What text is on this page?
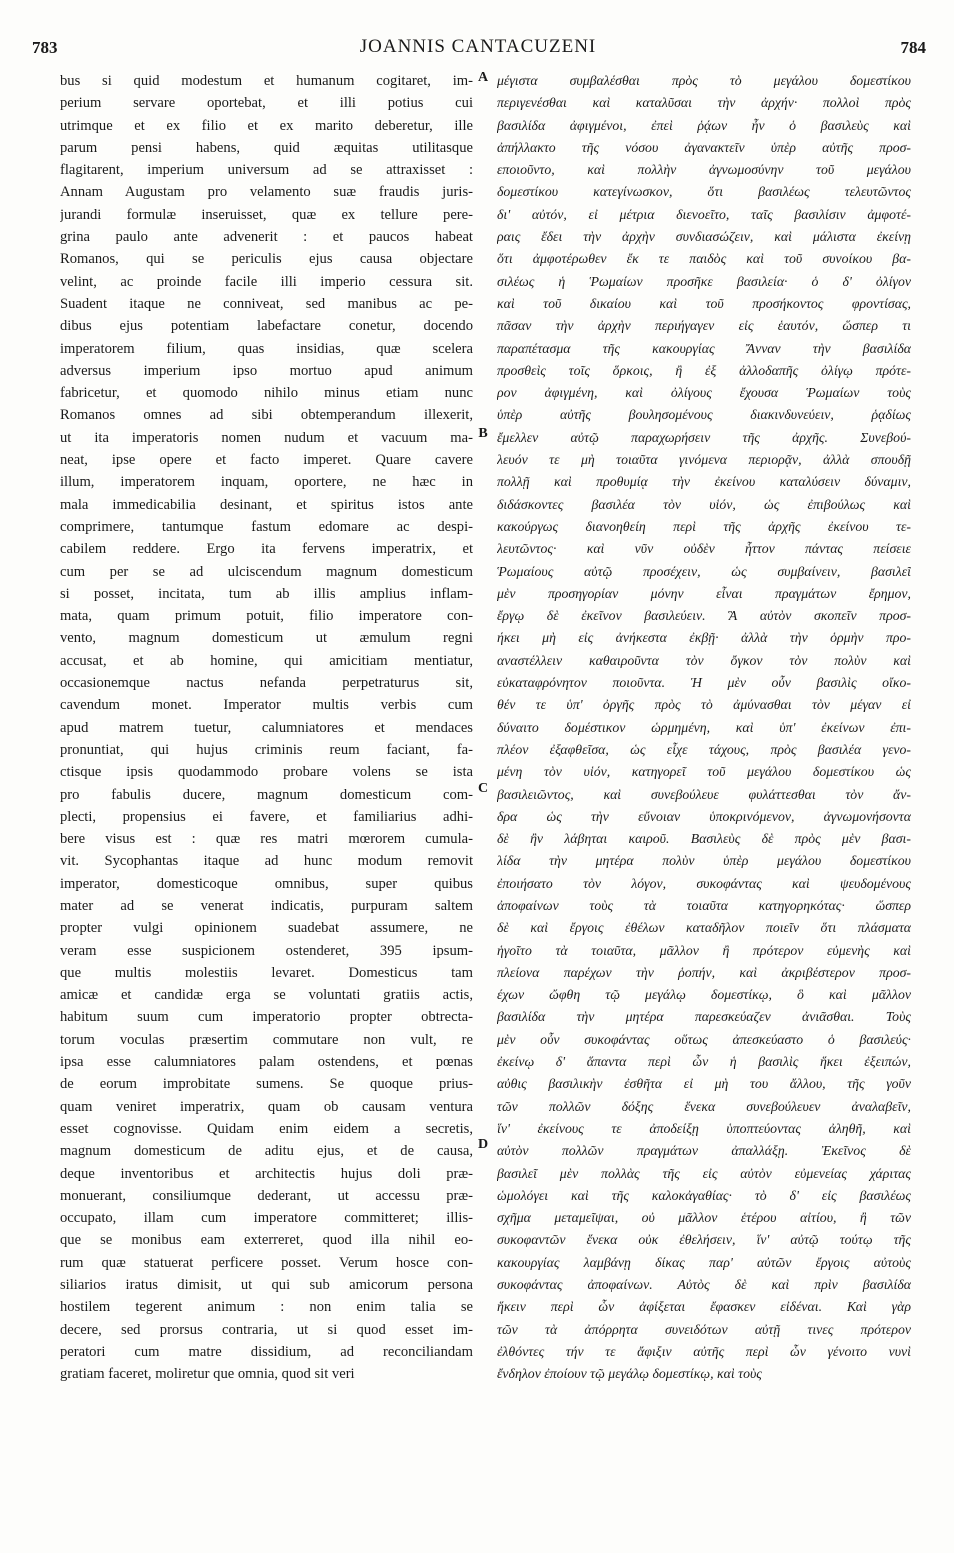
783	JOANNIS CANTACUZENI	784
bus si quid modestum et humanum cogitaret, im-
perium servare oportebat, et illi potius cui
utrimque et ex filio et ex marito deberetur, ille
parum pensi habens, quid æquitas utilitasque
flagitarent, imperium universum ad se attraxisset :
Annam Augustam pro velamento suæ fraudis juris-
jurandi formulæ inseruisset, quæ ex tellure pere-
grina paulo ante advenerit : et paucos habeat
Romanos, qui se periculis ejus causa objectare
velint, ac proinde facile illi imperio cessura sit.
Suadent itaque ne conniveat, sed manibus ac pe-
dibus ejus potentiam labefactare conetur, docendo
imperatorem filium, quas insidias, quæ scelera
adversus imperium ipso mortuo apud animum
fabricetur, et quomodo nihilo minus etiam nunc
Romanos omnes ad sibi obtemperandum illexerit,
ut ita imperatoris nomen nudum et vacuum ma-
neat, ipse opere et facto imperet. Quare cavere
illum, imperatorem inquam, oportere, ne hæc in
mala immedicabilia desinant, et spiritus istos ante
comprimere, tantumque fastum edomare ac despi-
cabilem reddere. Ergo ita fervens imperatrix, et
cum per se ad ulciscendum magnum domesticum
si posset, incitata, tum ab illis amplius inflam-
mata, quam primum potuit, filio imperatore con-
vento, magnum domesticum ut æmulum regni
accusat, et ab homine, qui amicitiam mentiatur,
occasionemque nactus nefanda perpetraturus sit,
cavendum monet. Imperator multis verbis cum
apud matrem tuetur, calumniatores et mendaces
pronuntiat, qui hujus criminis reum faciant, fa-
ctisque ipsis quodammodo probare volens se ista
pro fabulis ducere, magnum domesticum com-
plecti, propensius ei favere, et familiarius adhi-
bere visus est : quæ res matri mœrorem cumula-
vit. Sycophantas itaque ad hunc modum removit
imperator, domesticoque omnibus, super quibus
mater ad se venerat indicatis, purpuram saltem
propter vulgi opinionem suadebat assumere, ne
veram esse suspicionem ostenderet, 395 ipsum-
que multis molestiis levaret. Domesticus tam
amicæ et candidæ erga se voluntati gratiis actis,
habitum suum cum imperatorio propter obtrecta-
torum voculas præsertim commutare non vult, re
ipsa esse calumniatores palam ostendens, et pœnas
de eorum improbitate sumens. Se quoque prius-
quam veniret imperatrix, quam ob causam ventura
esset cognovisse. Quidam enim eidem a secretis,
magnum domesticum de aditu ejus, et de causa,
deque inventoribus et architectis hujus doli præ-
monuerant, consiliumque dederant, ut accessu præ-
occupato, illam cum imperatore committeret; illis-
que se monibus eam exterreret, quod illa nihil eo-
rum quæ statuerat perficere posset. Verum hosce con-
siliarios iratus dimisit, ut qui sub amicorum persona
hostilem tegerent animum : non enim talia se
decere, sed prorsus contraria, ut si quod esset im-
peratori cum matre dissidium, ad reconciliandam
gratiam faceret, moliretur que omnia, quod sit veri
μέγιστα συμβαλέσθαι πρὸς τὸ μεγάλου δομεστίκου
περιγενέσθαι καὶ καταλῦσαι τὴν ἀρχήν· πολλοὶ πρὸς
βασιλίδα ἀφιγμένοι, ἐπεὶ ῥᾴων ἦν ὁ βασιλεὺς καὶ
ἀπήλλακτο τῆς νόσου ἀγανακτεῖν ὑπὲρ αὐτῆς προσ-
εποιοῦντο, καὶ πολλὴν ἀγνωμοσύνην τοῦ μεγάλου
δομεστίκου κατεγίνωσκον, ὅτι βασιλέως τελευτῶντος
δι' αὐτόν, εἰ μέτρια διενοεῖτο, ταῖς βασιλίσιν ἀμφοτέ-
ραις ἔδει τὴν ἀρχὴν συνδιασώζειν, καὶ μάλιστα ἐκείνῃ
ὅτι ἀμφοτέρωθεν ἔκ τε παιδὸς καὶ τοῦ συνοίκου βα-
σιλέως ἡ Ῥωμαίων προσῆκε βασιλεία· ὁ δ' ὀλίγον
καὶ τοῦ δικαίου καὶ τοῦ προσήκοντος φροντίσας,
πᾶσαν τὴν ἀρχὴν περιήγαγεν εἰς ἑαυτόν, ὥσπερ τι
παραπέτασμα τῆς κακουργίας Ἄνναν τὴν βασιλίδα
προσθεὶς τοῖς ὅρκοις, ἢ ἐξ ἀλλοδαπῆς ὀλίγῳ πρότε-
ρον ἀφιγμένη, καὶ ὀλίγους ἔχουσα Ῥωμαίων τοὺς
ὑπὲρ αὐτῆς βουλησομένους διακινδυνεύειν, ῥᾳδίως
ἔμελλεν αὐτῷ παραχωρήσειν τῆς ἀρχῆς. Συνεβού-
λευόν τε μὴ τοιαῦτα γινόμενα περιορᾷν, ἀλλὰ σπουδῇ
πολλῇ καὶ προθυμίᾳ τὴν ἐκείνου καταλύσειν δύναμιν,
διδάσκοντες βασιλέα τὸν υἱόν, ὡς ἐπιβούλως καὶ
κακούργως διανοηθείη περὶ τῆς ἀρχῆς ἐκείνου τε-
λευτῶντος· καὶ νῦν οὐδὲν ἧττον πάντας πείσειε
Ῥωμαίους αὐτῷ προσέχειν, ὡς συμβαίνειν, βασιλεῖ
μὲν προσηγορίαν μόνην εἶναι πραγμάτων ἔρημον,
ἔργῳ δὲ ἐκεῖνον βασιλεύειν. Ἃ αὐτὸν σκοπεῖν προσ-
ήκει μὴ εἰς ἀνήκεστα ἐκβῇ· ἀλλὰ τὴν ὁρμὴν προ-
αναστέλλειν καθαιροῦντα τὸν ὄγκον τὸν πολὺν καὶ
εὐκαταφρόνητον ποιοῦντα. Ἡ μὲν οὖν βασιλὶς οἴκο-
θέν τε ὑπ' ὀργῆς πρὸς τὸ ἀμύνασθαι τὸν μέγαν εἰ
δύναιτο δομέστικον ὡρμημένη, καὶ ὑπ' ἐκείνων ἐπι-
πλέον ἐξαφθεῖσα, ὡς εἶχε τάχους, πρὸς βασιλέα γενο-
μένη τὸν υἱόν, κατηγορεῖ τοῦ μεγάλου δομεστίκου ὡς
βασιλειῶντος, καὶ συνεβούλευε φυλάττεσθαι τὸν ἄν-
δρα ὡς τὴν εὔνοιαν ὑποκρινόμενον, ἀγνωμονήσοντα
δὲ ἢν λάβηται καιροῦ. Βασιλεὺς δὲ πρὸς μὲν βασι-
λίδα τὴν μητέρα πολὺν ὑπὲρ μεγάλου δομεστίκου
ἐποιήσατο τὸν λόγον, συκοφάντας καὶ ψευδομένους
ἀποφαίνων τοὺς τὰ τοιαῦτα κατηγορηκότας· ὥσπερ
δὲ καὶ ἔργοις ἐθέλων καταδῆλον ποιεῖν ὅτι πλάσματα
ἡγοῖτο τὰ τοιαῦτα, μᾶλλον ἢ πρότερον εὐμενὴς καὶ
πλείονα παρέχων τὴν ῥοπήν, καὶ ἀκριβέστερον προσ-
έχων ὤφθη τῷ μεγάλῳ δομεστίκῳ, ὃ καὶ μᾶλλον
βασιλίδα τὴν μητέρα παρεσκεύαζεν ἀνιᾶσθαι. Τοὺς
μὲν οὖν συκοφάντας οὕτως ἀπεσκεύαστο ὁ βασιλεύς·
ἐκείνῳ δ' ἅπαντα περὶ ὧν ἡ βασιλὶς ἥκει ἐξειπών,
αὐθις βασιλικὴν ἐσθῆτα εἰ μὴ του ἄλλου, τῆς γοῦν
τῶν πολλῶν δόξης ἕνεκα συνεβούλευεν ἀναλαβεῖν,
ἵν' ἐκείνους τε ἀποδείξῃ ὑποπτεύοντας ἀληθῆ, καὶ
αὐτὸν πολλῶν πραγμάτων ἀπαλλάξῃ. Ἐκεῖνος δὲ
βασιλεῖ μὲν πολλὰς τῆς εἰς αὐτὸν εὐμενείας χάριτας
ὡμολόγει καὶ τῆς καλοκἀγαθίας· τὸ δ' εἰς βασιλέως
σχῆμα μεταμεῖψαι, οὐ μᾶλλον ἑτέρου αἰτίου, ἢ τῶν
συκοφαντῶν ἕνεκα οὐκ ἐθελήσειν, ἵν' αὐτῷ τούτῳ τῆς
κακουργίας λαμβάνῃ δίκας παρ' αὐτῶν ἔργοις αὐτοὺς
συκοφάντας ἀποφαίνων. Αὐτὸς δὲ καὶ πρὶν βασιλίδα
ἥκειν περὶ ὧν ἀφίξεται ἔφασκεν εἰδέναι. Καὶ γὰρ
τῶν τὰ ἀπόρρητα συνειδότων αὐτῇ τινες πρότερον
ἐλθόντες τήν τε ἄφιξιν αὐτῆς περὶ ὧν γένοιτο νυνὶ
ἔνδηλον ἐποίουν τῷ μεγάλῳ δομεστίκῳ, καὶ τοὺς
A
B
C
D
